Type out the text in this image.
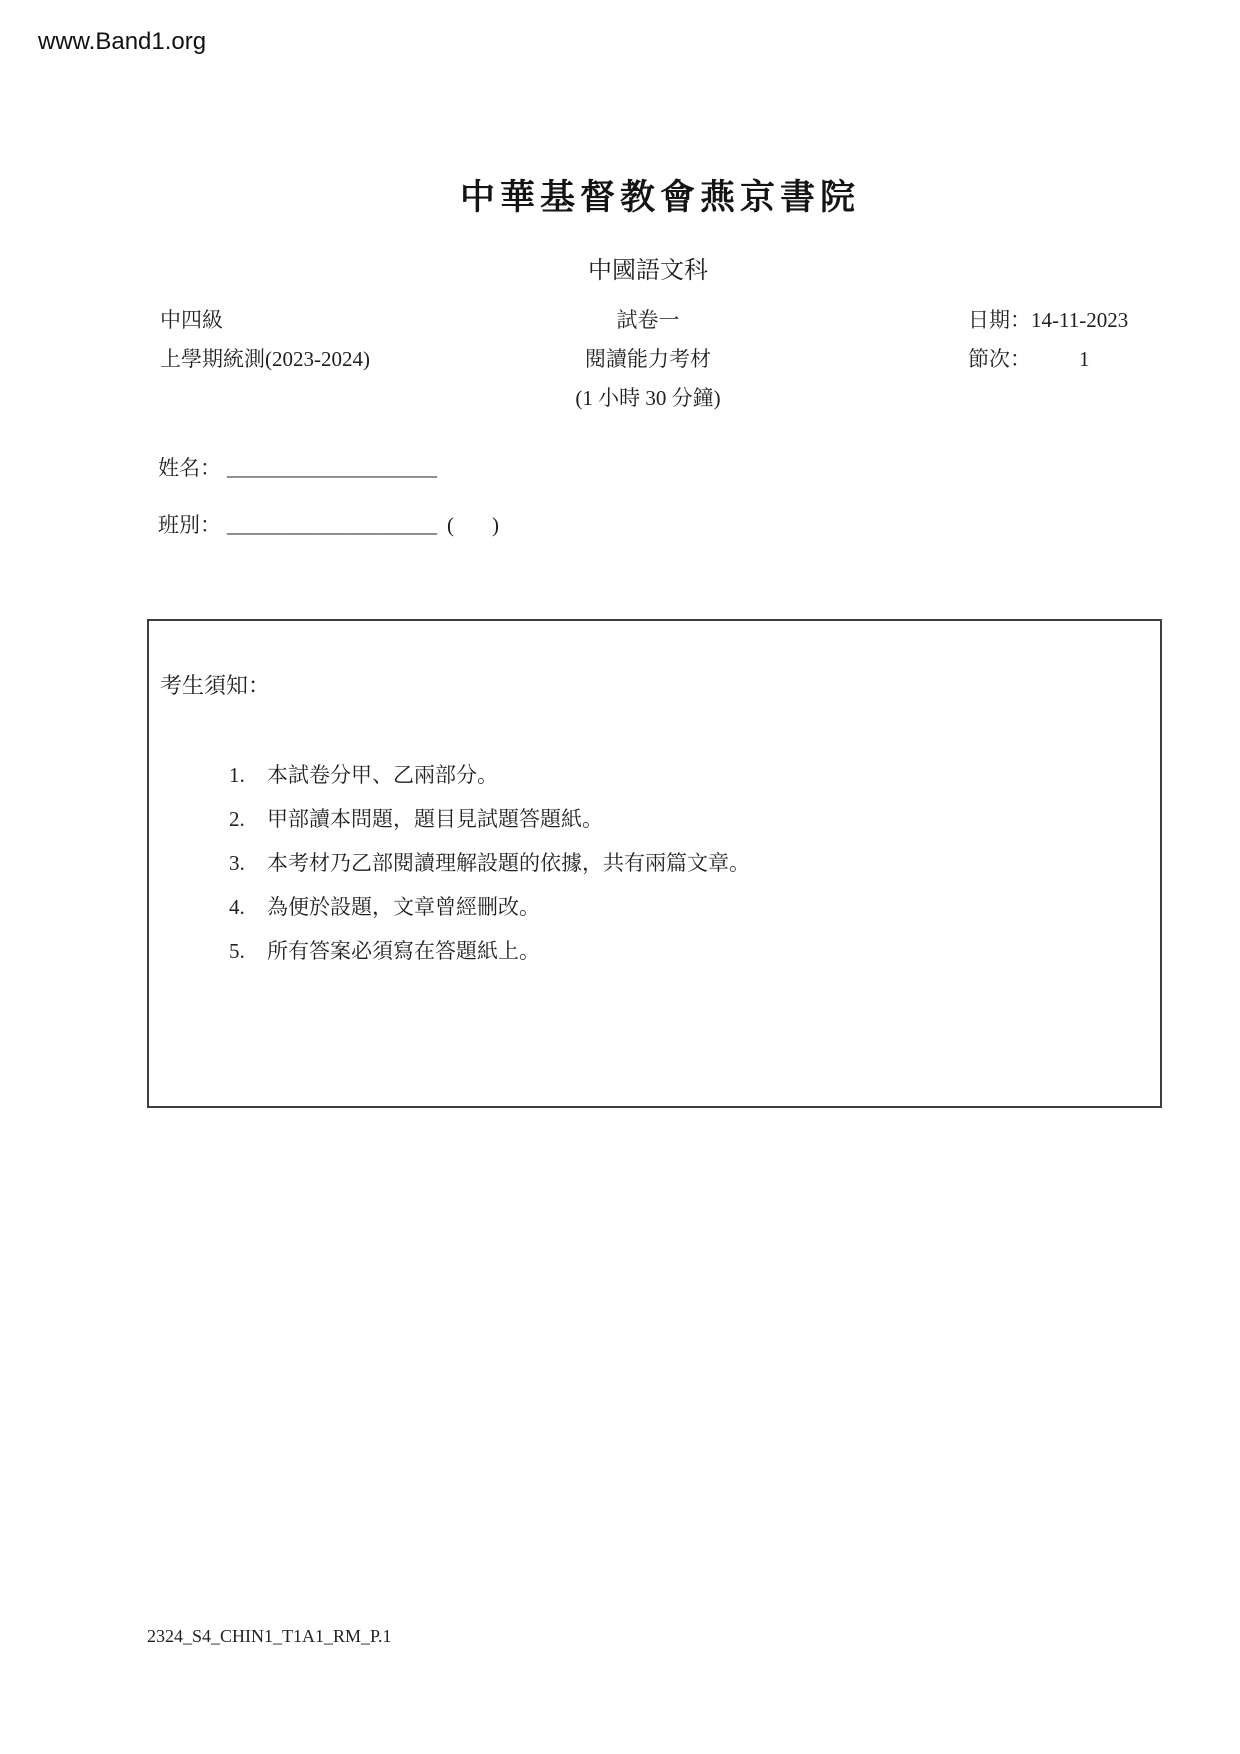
www.Band1.org
中華基督教會燕京書院
中國語文科
中四級
上學期統測(2023-2024)
試卷一
閱讀能力考材
(1 小時 30 分鐘)
日期：14-11-2023
節次： 1
姓名： ____________________
班別： ____________________ ( )
考生須知：
1.	本試卷分甲、乙兩部分。
2.	甲部讀本問題，題目見試題答題紙。
3.	本考材乃乙部閱讀理解設題的依據，共有兩篇文章。
4.	為便於設題，文章曾經刪改。
5.	所有答案必須寫在答題紙上。
2324_S4_CHIN1_T1A1_RM_P.1
